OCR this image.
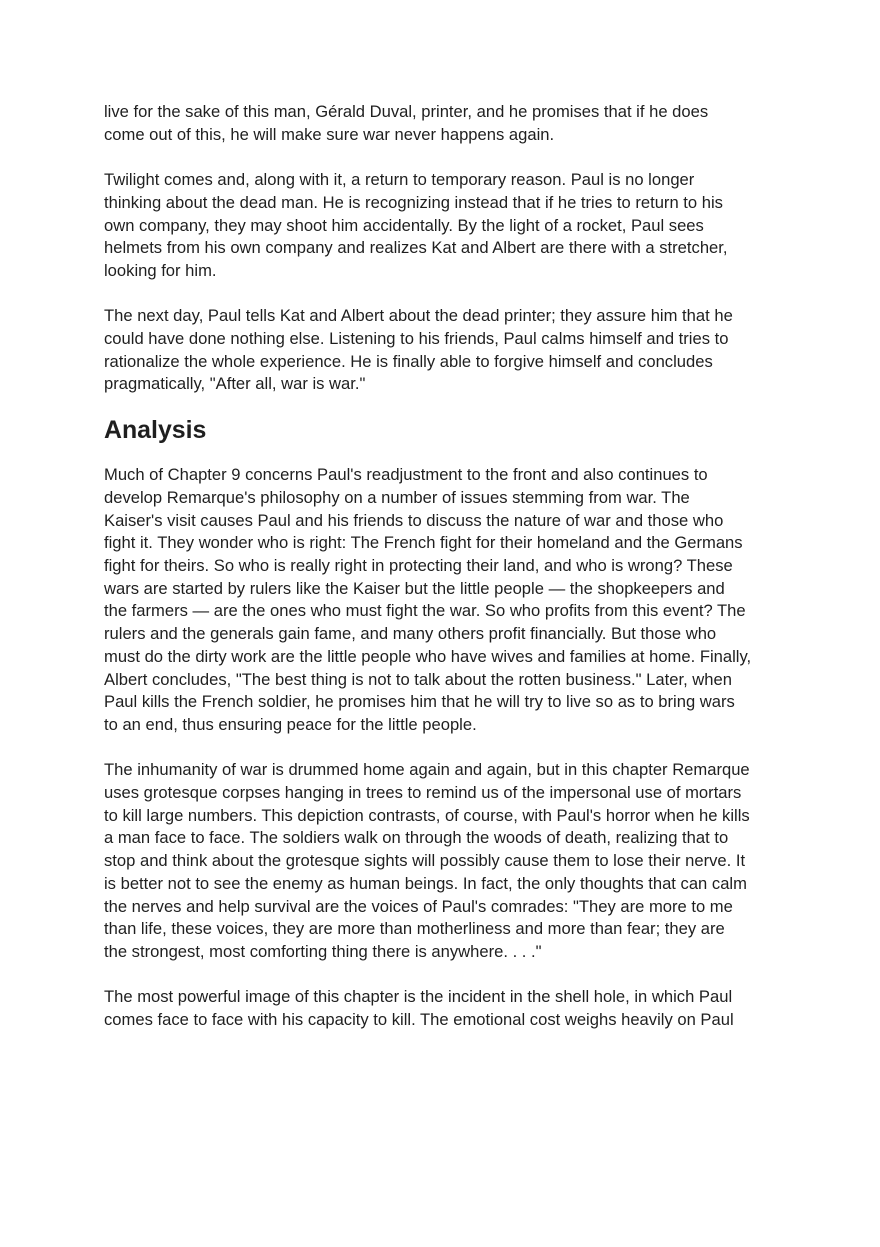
live for the sake of this man, Gérald Duval, printer, and he promises that if he does
come out of this, he will make sure war never happens again.

Twilight comes and, along with it, a return to temporary reason. Paul is no longer
thinking about the dead man. He is recognizing instead that if he tries to return to his
own company, they may shoot him accidentally. By the light of a rocket, Paul sees
helmets from his own company and realizes Kat and Albert are there with a stretcher,
looking for him.

The next day, Paul tells Kat and Albert about the dead printer; they assure him that he
could have done nothing else. Listening to his friends, Paul calms himself and tries to
rationalize the whole experience. He is finally able to forgive himself and concludes
pragmatically, "After all, war is war."

Analysis

Much of Chapter 9 concerns Paul's readjustment to the front and also continues to
develop Remarque's philosophy on a number of issues stemming from war. The
Kaiser's visit causes Paul and his friends to discuss the nature of war and those who
fight it. They wonder who is right: The French fight for their homeland and the Germans
fight for theirs. So who is really right in protecting their land, and who is wrong? These
wars are started by rulers like the Kaiser but the little people — the shopkeepers and
the farmers — are the ones who must fight the war. So who profits from this event? The
rulers and the generals gain fame, and many others profit financially. But those who
must do the dirty work are the little people who have wives and families at home. Finally,
Albert concludes, "The best thing is not to talk about the rotten business." Later, when
Paul kills the French soldier, he promises him that he will try to live so as to bring wars
to an end, thus ensuring peace for the little people.

The inhumanity of war is drummed home again and again, but in this chapter Remarque
uses grotesque corpses hanging in trees to remind us of the impersonal use of mortars
to kill large numbers. This depiction contrasts, of course, with Paul's horror when he kills
a man face to face. The soldiers walk on through the woods of death, realizing that to
stop and think about the grotesque sights will possibly cause them to lose their nerve. It
is better not to see the enemy as human beings. In fact, the only thoughts that can calm
the nerves and help survival are the voices of Paul's comrades: "They are more to me
than life, these voices, they are more than motherliness and more than fear; they are
the strongest, most comforting thing there is anywhere. . . ."

The most powerful image of this chapter is the incident in the shell hole, in which Paul
comes face to face with his capacity to kill. The emotional cost weighs heavily on Paul
